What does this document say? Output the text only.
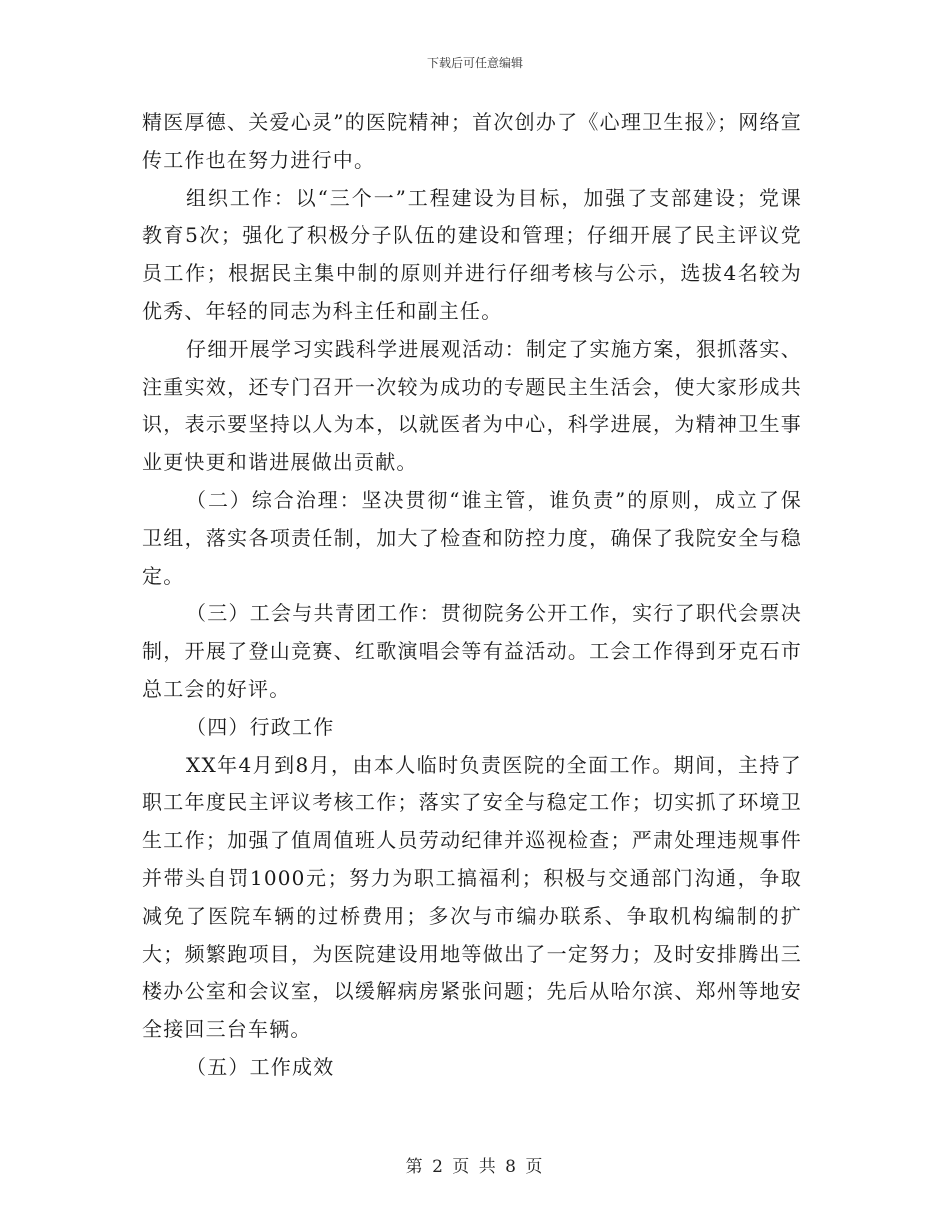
下载后可任意编辑

精医厚德、关爱心灵”的医院精神；首次创办了《心理卫生报》；网络宣传工作也在努力进行中。

组织工作：以“三个一”工程建设为目标，加强了支部建设；党课教育5次；强化了积极分子队伍的建设和管理；仔细开展了民主评议党员工作；根据民主集中制的原则并进行仔细考核与公示，选拔4名较为优秀、年轻的同志为科主任和副主任。

仔细开展学习实践科学进展观活动：制定了实施方案，狠抓落实、注重实效，还专门召开一次较为成功的专题民主生活会，使大家形成共识，表示要坚持以人为本，以就医者为中心，科学进展，为精神卫生事业更快更和谐进展做出贡献。

（二）综合治理：坚决贯彻“谁主管，谁负责”的原则，成立了保卫组，落实各项责任制，加大了检查和防控力度，确保了我院安全与稳定。

（三）工会与共青团工作：贯彻院务公开工作，实行了职代会票决制，开展了登山竞赛、红歌演唱会等有益活动。工会工作得到牙克石市总工会的好评。

（四）行政工作

XX年4月到8月，由本人临时负责医院的全面工作。期间，主持了职工年度民主评议考核工作；落实了安全与稳定工作；切实抓了环境卫生工作；加强了值周值班人员劳动纪律并巡视检查；严肃处理违规事件并带头自罚1000元；努力为职工搞福利；积极与交通部门沟通，争取减免了医院车辆的过桥费用；多次与市编办联系、争取机构编制的扩大；频繁跑项目，为医院建设用地等做出了一定努力；及时安排腾出三楼办公室和会议室，以缓解病房紧张问题；先后从哈尔滨、郑州等地安全接回三台车辆。

（五）工作成效

第 2 页 共 8 页
